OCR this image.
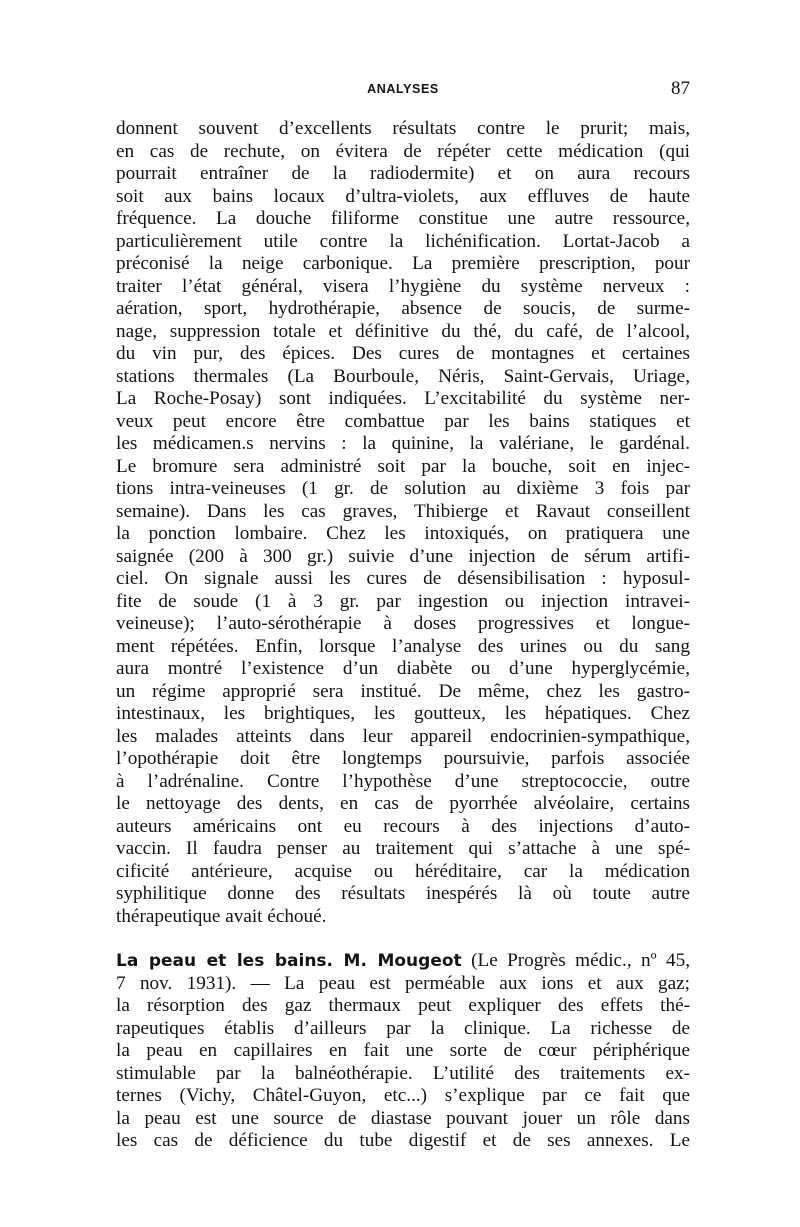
ANALYSES	87
donnent souvent d’excellents résultats contre le prurit; mais,
en cas de rechute, on évitera de répéter cette médication (qui
pourrait entraîner de la radiodermite) et on aura recours
soit aux bains locaux d’ultra-violets, aux effluves de haute
fréquence. La douche filiforme constitue une autre ressource,
particulièrement utile contre la lichénification. Lortat-Jacob a
préconisé la neige carbonique. La première prescription, pour
traiter l’état général, visera l’hygiène du système nerveux :
aération, sport, hydrothérapie, absence de soucis, de surme-
nage, suppression totale et définitive du thé, du café, de l’alcool,
du vin pur, des épices. Des cures de montagnes et certaines
stations thermales (La Bourboule, Néris, Saint-Gervais, Uriage,
La Roche-Posay) sont indiquées. L’excitabilité du système ner-
veux peut encore être combattue par les bains statiques et
les médicamen.s nervins : la quinine, la valériane, le gardénal.
Le bromure sera administré soit par la bouche, soit en injec-
tions intra-veineuses (1 gr. de solution au dixième 3 fois par
semaine). Dans les cas graves, Thibierge et Ravaut conseillent
la ponction lombaire. Chez les intoxiqués, on pratiquera une
saignée (200 à 300 gr.) suivie d’une injection de sérum artifi-
ciel. On signale aussi les cures de désensibilisation : hyposul-
fite de soude (1 à 3 gr. par ingestion ou injection intravei-
veineuse); l’auto-sérothérapie à doses progressives et longue-
ment répétées. Enfin, lorsque l’analyse des urines ou du sang
aura montré l’existence d’un diabète ou d’une hyperglycémie,
un régime approprié sera institué. De même, chez les gastro-
intestinaux, les brightiques, les goutteux, les hépatiques. Chez
les malades atteints dans leur appareil endocrinien-sympathique,
l’opothérapie doit être longtemps poursuivie, parfois associée
à l’adrénaline. Contre l’hypothèse d’une streptococcie, outre
le nettoyage des dents, en cas de pyorrhée alvéolaire, certains
auteurs américains ont eu recours à des injections d’auto-
vaccin. Il faudra penser au traitement qui s’attache à une spé-
cificité antérieure, acquise ou héréditaire, car la médication
syphilitique donne des résultats inespérés là où toute autre
thérapeutique avait échoué.
La peau et les bains. M. Mougeot (Le Progrès médic., nº 45,
7 nov. 1931). — La peau est perméable aux ions et aux gaz;
la résorption des gaz thermaux peut expliquer des effets thé-
rapeutiques établis d’ailleurs par la clinique. La richesse de
la peau en capillaires en fait une sorte de cœur périphérique
stimulable par la balnéothérapie. L’utilité des traitements ex-
ternes (Vichy, Châtel-Guyon, etc...) s’explique par ce fait que
la peau est une source de diastase pouvant jouer un rôle dans
les cas de déficience du tube digestif et de ses annexes. Le
